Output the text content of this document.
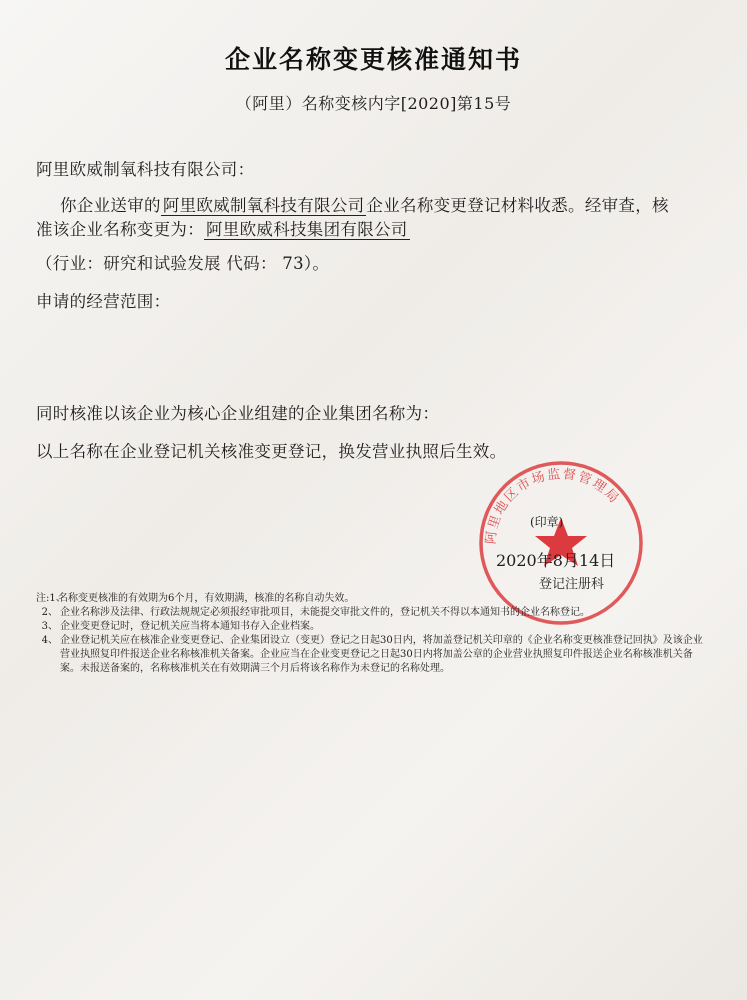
企业名称变更核准通知书
（阿里）名称变核内字[2020]第15号
阿里欧威制氧科技有限公司：
你企业送审的 阿里欧威制氧科技有限公司 企业名称变更登记材料收悉。经审查，核
准该企业名称变更为： 阿里欧威科技集团有限公司
（行业：研究和试验发展 代码： 73）。
申请的经营范围：
同时核准以该企业为核心企业组建的企业集团名称为：
以上名称在企业登记机关核准变更登记，换发营业执照后生效。
阿里地区市场监督管理局
(印章)
2020年8月14日
登记注册科
注:1、
名称变更核准的有效期为6个月，有效期满，核准的名称自动失效。
2、 企业名称涉及法律、行政法规规定必须报经审批项目，未能提交审批文件的，登记机关不得以本通知书的企业名称登记。
3、 企业变更登记时，登记机关应当将本通知书存入企业档案。
4、 企业登记机关应在核准企业变更登记、企业集团设立（变更）登记之日起30日内，将加盖登记机关印章的《企业名称变更核准登记回执》及该企业营业执照复印件报送企业名称核准机关备案。企业应当在企业变更登记之日起30日内将加盖公章的企业营业执照复印件报送企业名称核准机关备案。未报送备案的，名称核准机关在有效期满三个月后将该名称作为未登记的名称处理。
